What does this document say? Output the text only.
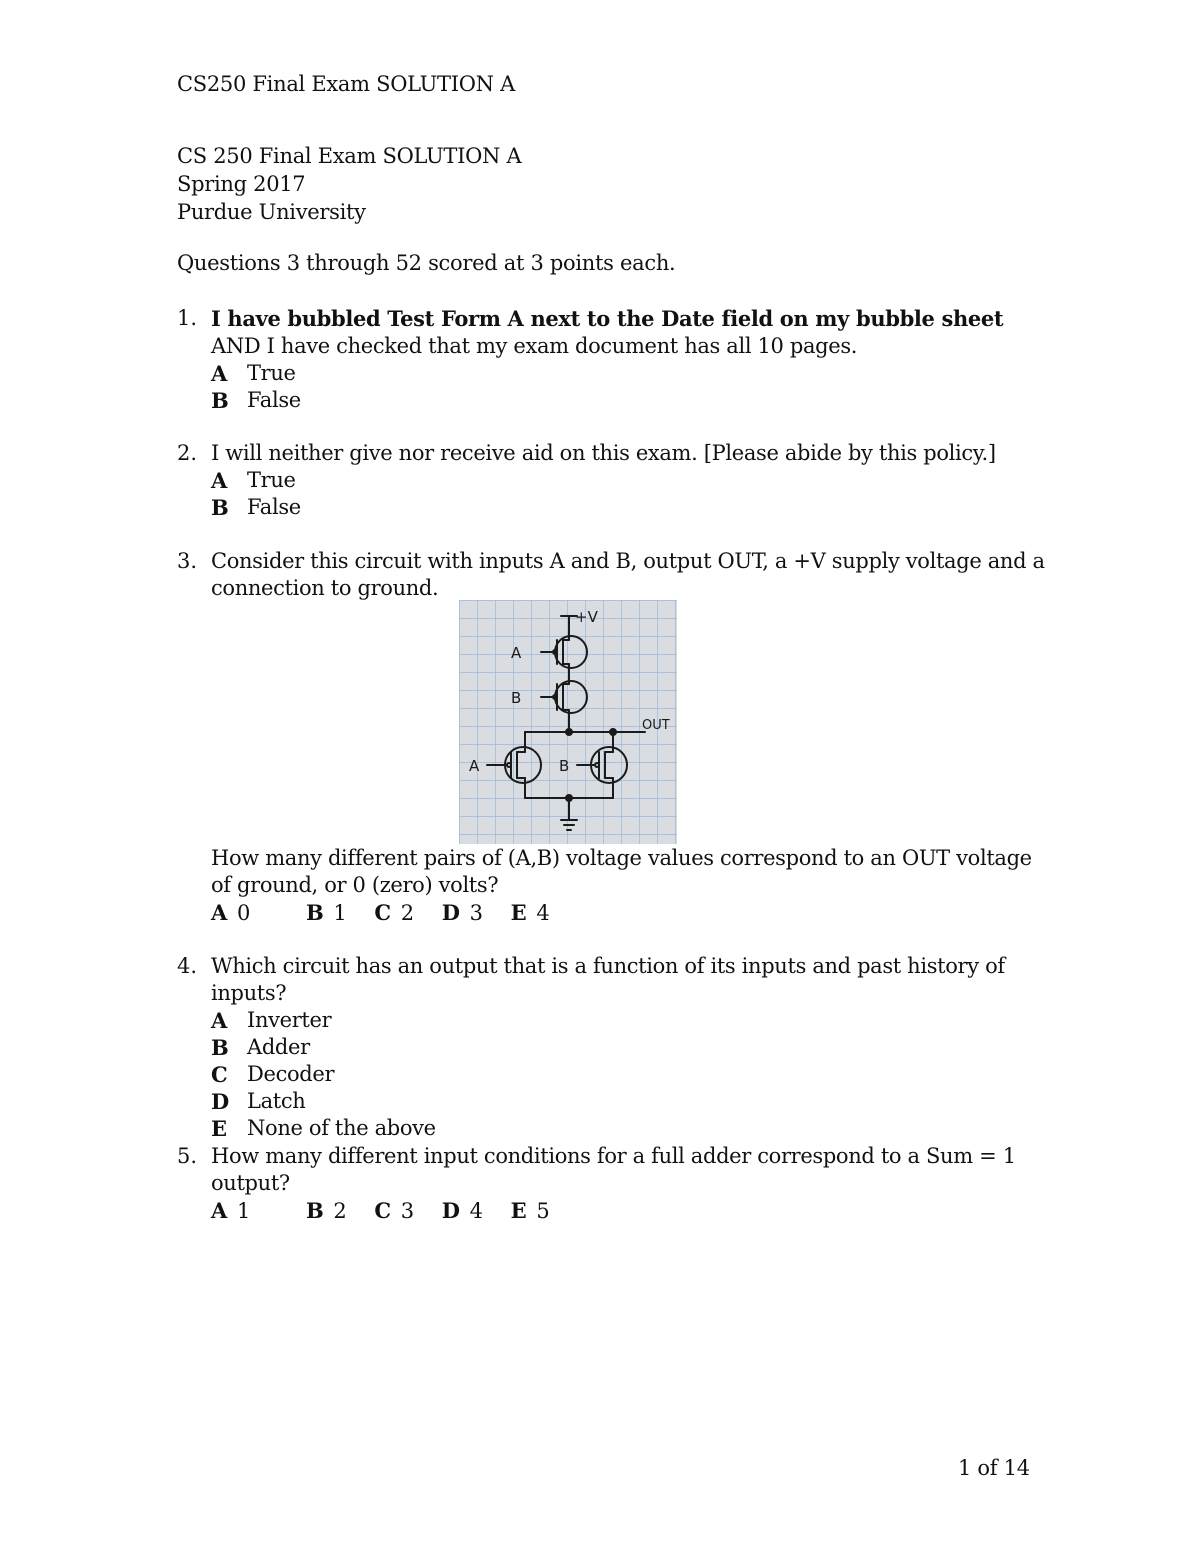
CS250 Final Exam SOLUTION A
CS 250 Final Exam SOLUTION A
Spring 2017
Purdue University
Questions 3 through 52 scored at 3 points each.
1. I have bubbled Test Form A next to the Date field on my bubble sheet AND I have checked that my exam document has all 10 pages.
A True
B False
2. I will neither give nor receive aid on this exam. [Please abide by this policy.]
A True
B False
3. Consider this circuit with inputs A and B, output OUT, a +V supply voltage and a connection to ground.
+V
A
B
OUT
A	B
How many different pairs of (A,B) voltage values correspond to an OUT voltage of ground, or 0 (zero) volts?
A 0	B 1 C 2 D 3 E 4
4. Which circuit has an output that is a function of its inputs and past history of inputs?
A Inverter
B Adder
C Decoder
D Latch
E None of the above
5. How many different input conditions for a full adder correspond to a Sum = 1 output?
A 1	B 2 C 3 D 4 E 5
1 of 14
